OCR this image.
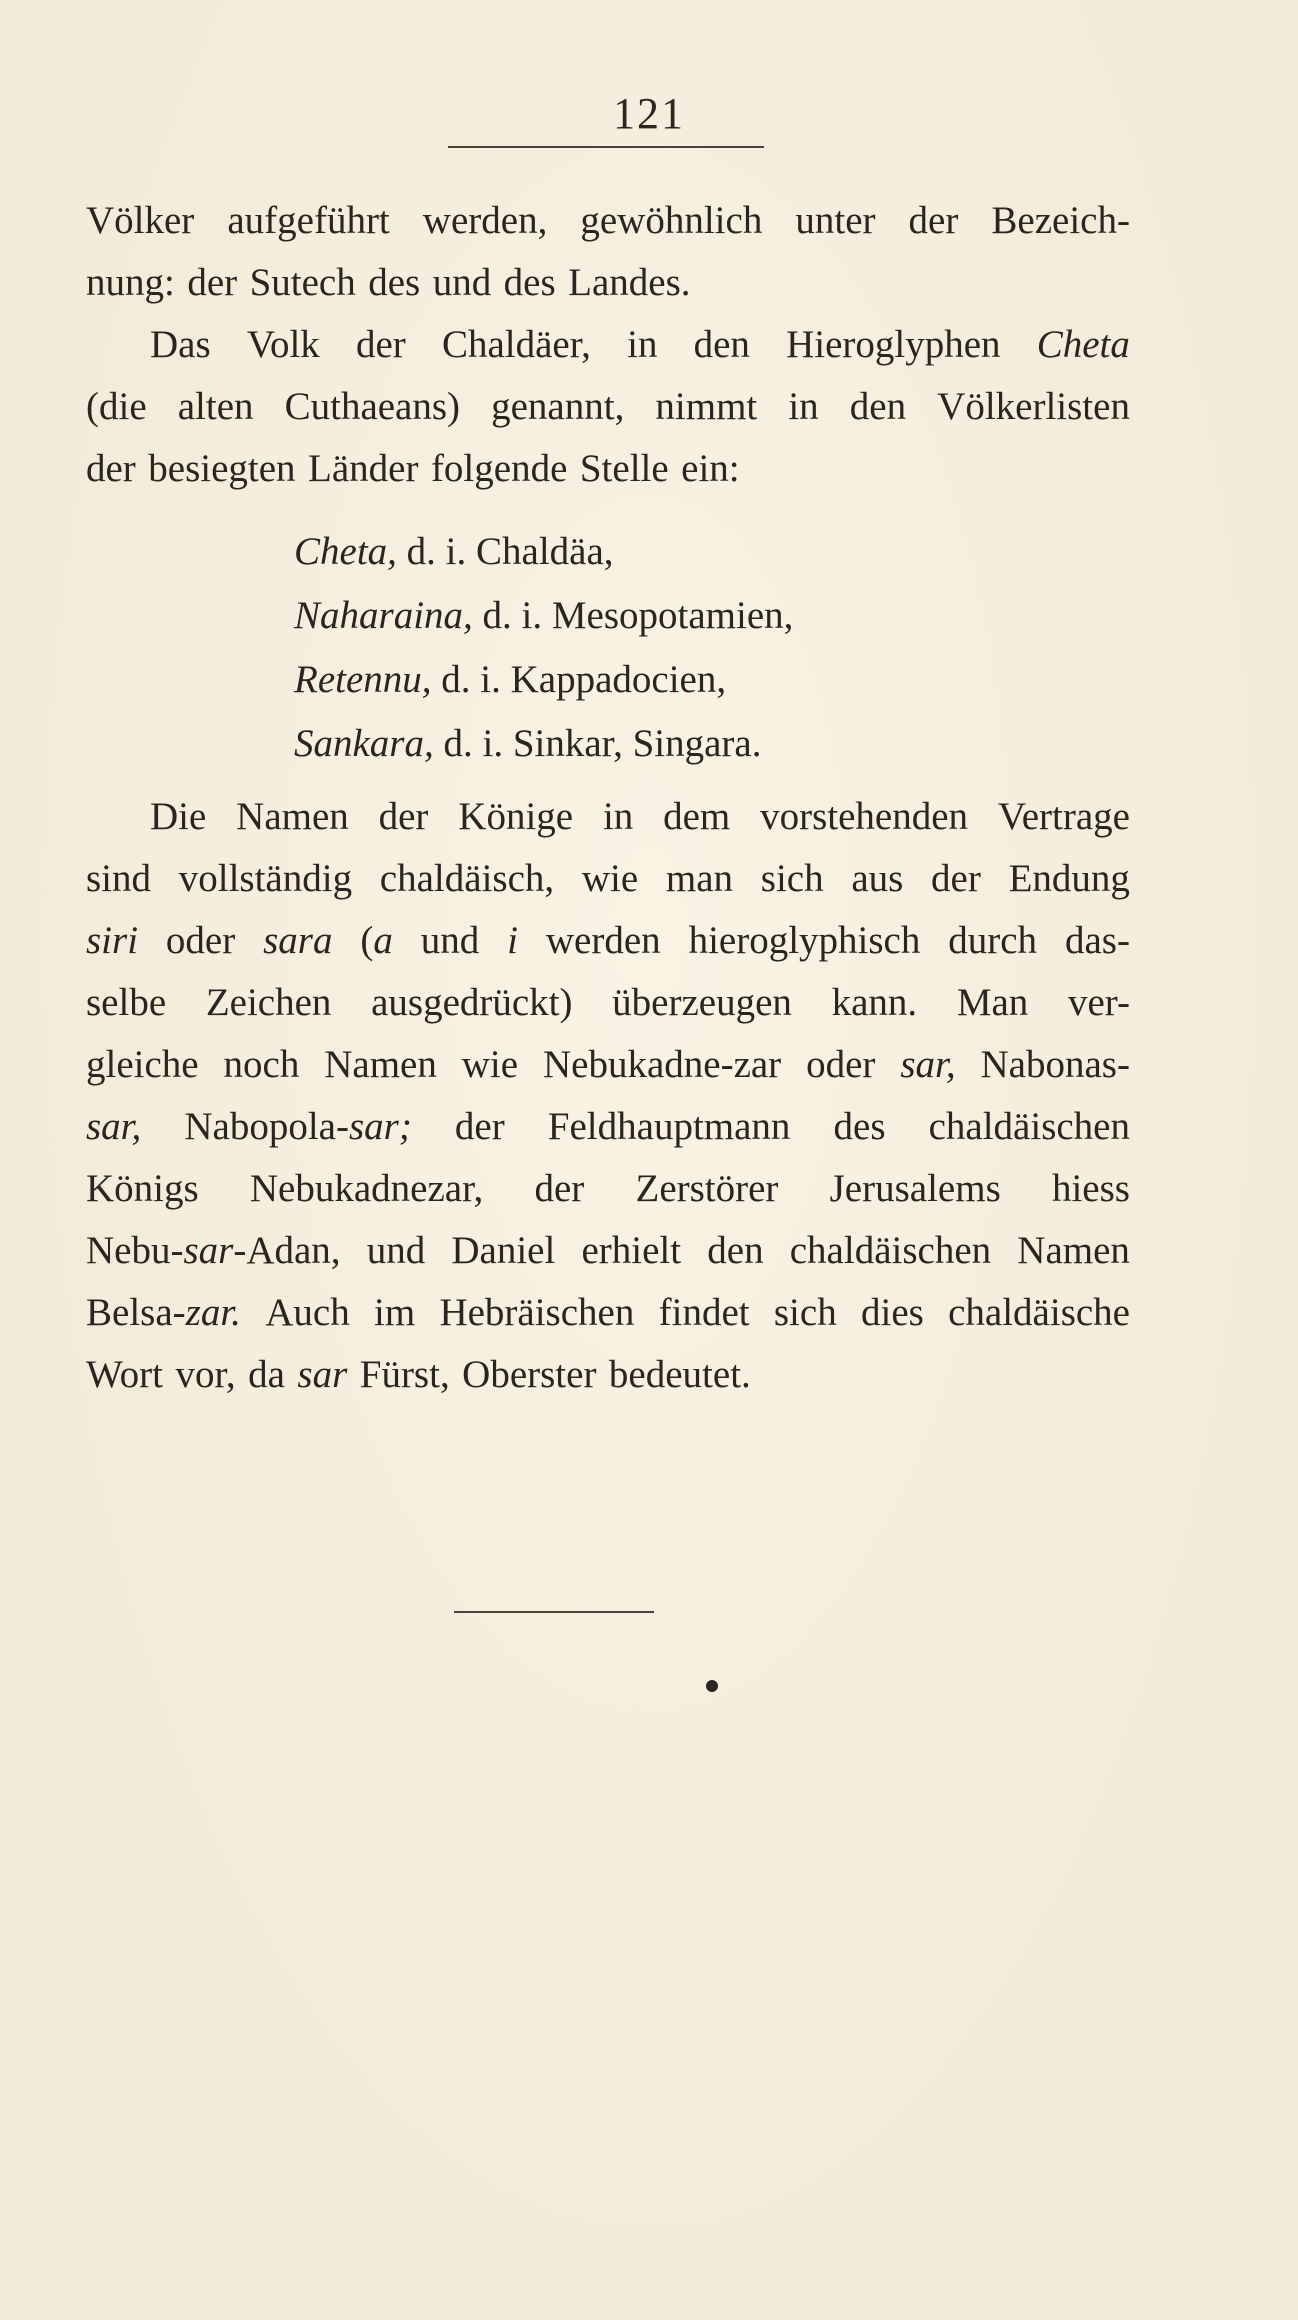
121
Völker aufgeführt werden, gewöhnlich unter der Bezeich-
nung: der Sutech des und des Landes.
Das Volk der Chaldäer, in den Hieroglyphen Cheta
(die alten Cuthaeans) genannt, nimmt in den Völkerlisten
der besiegten Länder folgende Stelle ein:
Cheta, d. i. Chaldäa,
Naharaina, d. i. Mesopotamien,
Retennu, d. i. Kappadocien,
Sankara, d. i. Sinkar, Singara.
Die Namen der Könige in dem vorstehenden Vertrage
sind vollständig chaldäisch, wie man sich aus der Endung
siri oder sara (a und i werden hieroglyphisch durch das-
selbe Zeichen ausgedrückt) überzeugen kann. Man ver-
gleiche noch Namen wie Nebukadne-zar oder sar, Nabonas-
sar, Nabopola-sar; der Feldhauptmann des chaldäischen
Königs Nebukadnezar, der Zerstörer Jerusalems hiess
Nebu-sar-Adan, und Daniel erhielt den chaldäischen Namen
Belsa-zar. Auch im Hebräischen findet sich dies chaldäische
Wort vor, da sar Fürst, Oberster bedeutet.
